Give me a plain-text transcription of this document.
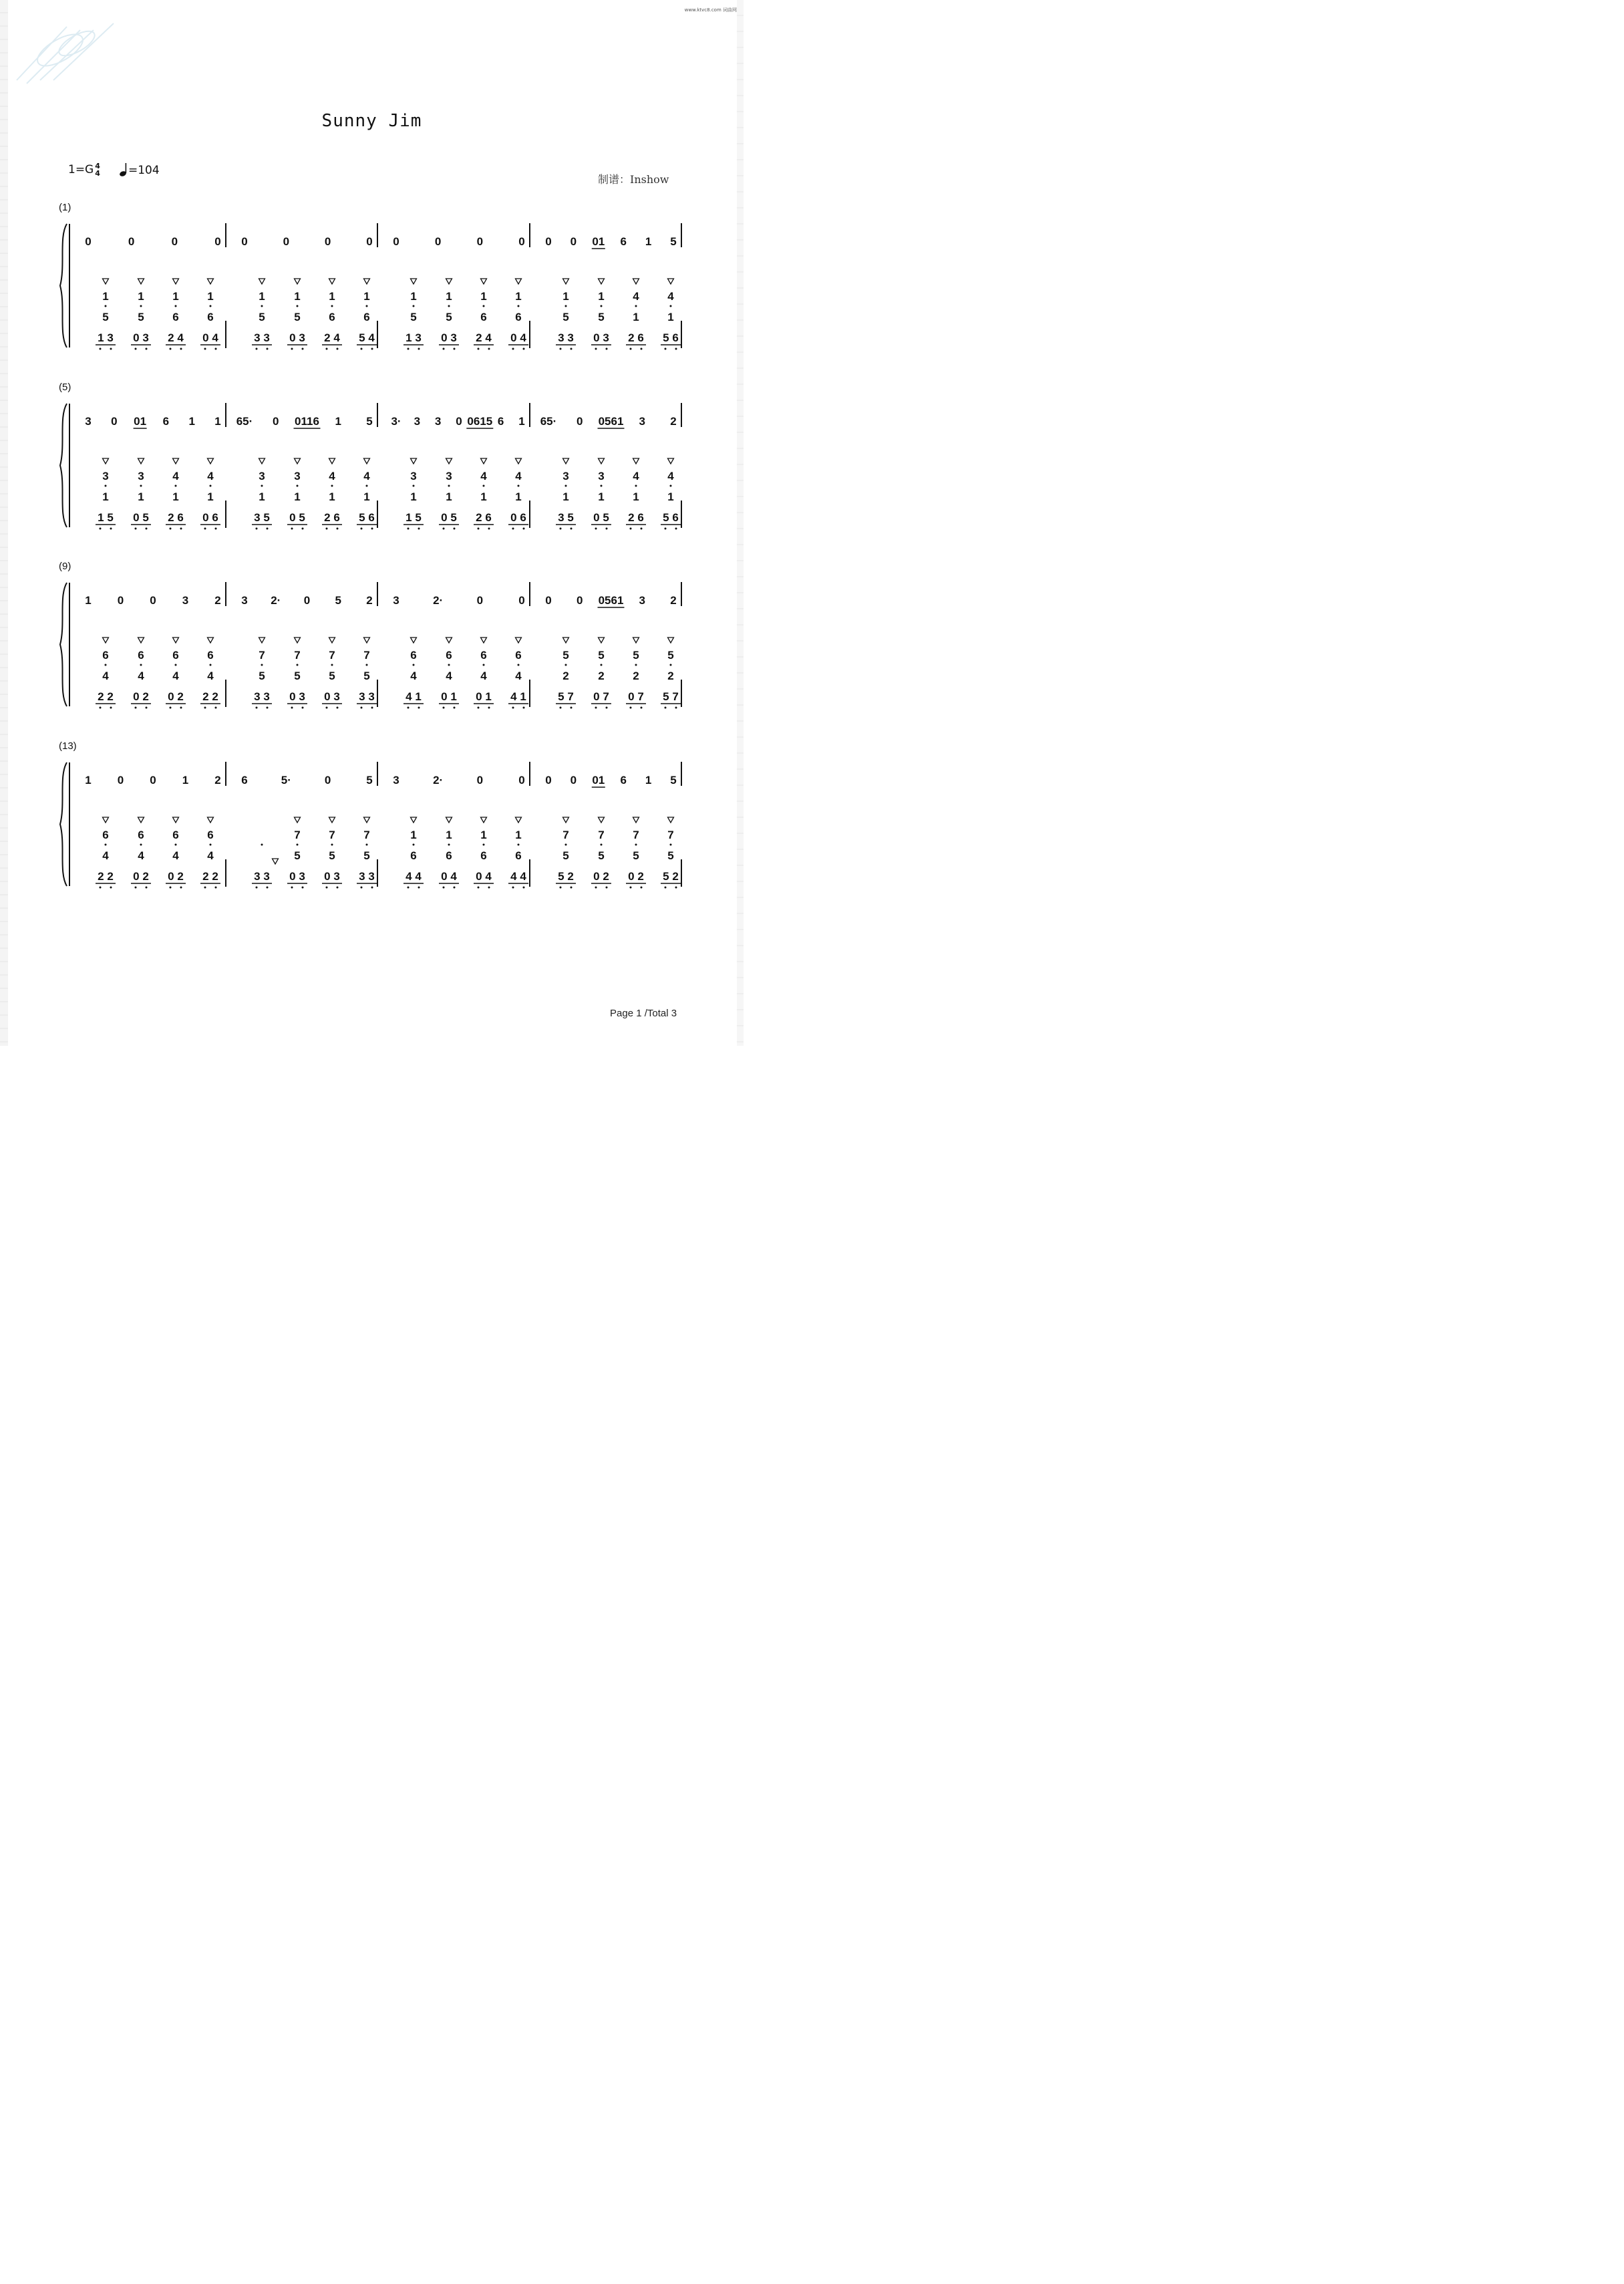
www.ktvc8.com 词曲网
Sunny Jim
1=G 4
4	=104
制谱：Inshow
(1)
0	0	0	0
1
5
1 3
1
5
0 3
1
6
2 4
1
6
0 4
0	0	0	0
1
5
3 3
1
5
0 3
1
6
2 4
1
6
5 4
0	0	0	0
1
5
1 3
1
5
0 3
1
6
2 4
1
6
0 4
0 0 01 6 1 5
1
5
3 3
1
5
0 3
4
1
2 6
4
1
5 6
(5)
3 0 01 6 1 1
3
1
1 5
3
1
0 5
4
1
2 6
4
1
0 6
65· 0 0116 1 5
3
1
3 5
3
1
0 5
4
1
2 6
4
1
5 6
3· 3 3 0 0615 6 1
3
1
1 5
3
1
0 5
4
1
2 6
4
1
0 6
65· 0 0561 3 2
3
1
3 5
3
1
0 5
4
1
2 6
4
1
5 6
(9)
1 0 0 3 2
6
4
2 2
6
4
0 2
6
4
0 2
6
4
2 2
3 2· 0 5 2
7
5
3 3
7
5
0 3
7
5
0 3
7
5
3 3
3	2·	0	0
6
4
4 1
6
4
0 1
6
4
0 1
6
4
4 1
0 0 0561 3 2
5
2
5 7
5
2
0 7
5
2
0 7
5
2
5 7
(13)
1 0 0 1 2
6
4
2 2
6
4
0 2
6
4
0 2
6
4
2 2
6	5·	0	5
3 3
7
5
0 3
7
5
0 3
7
5
3 3
3	2·	0	0
1
6
4 4
1
6
0 4
1
6
0 4
1
6
4 4
0 0 01 6 1 5
7
5
5 2
7
5
0 2
7
5
0 2
7
5
5 2
Page 1 /Total 3
